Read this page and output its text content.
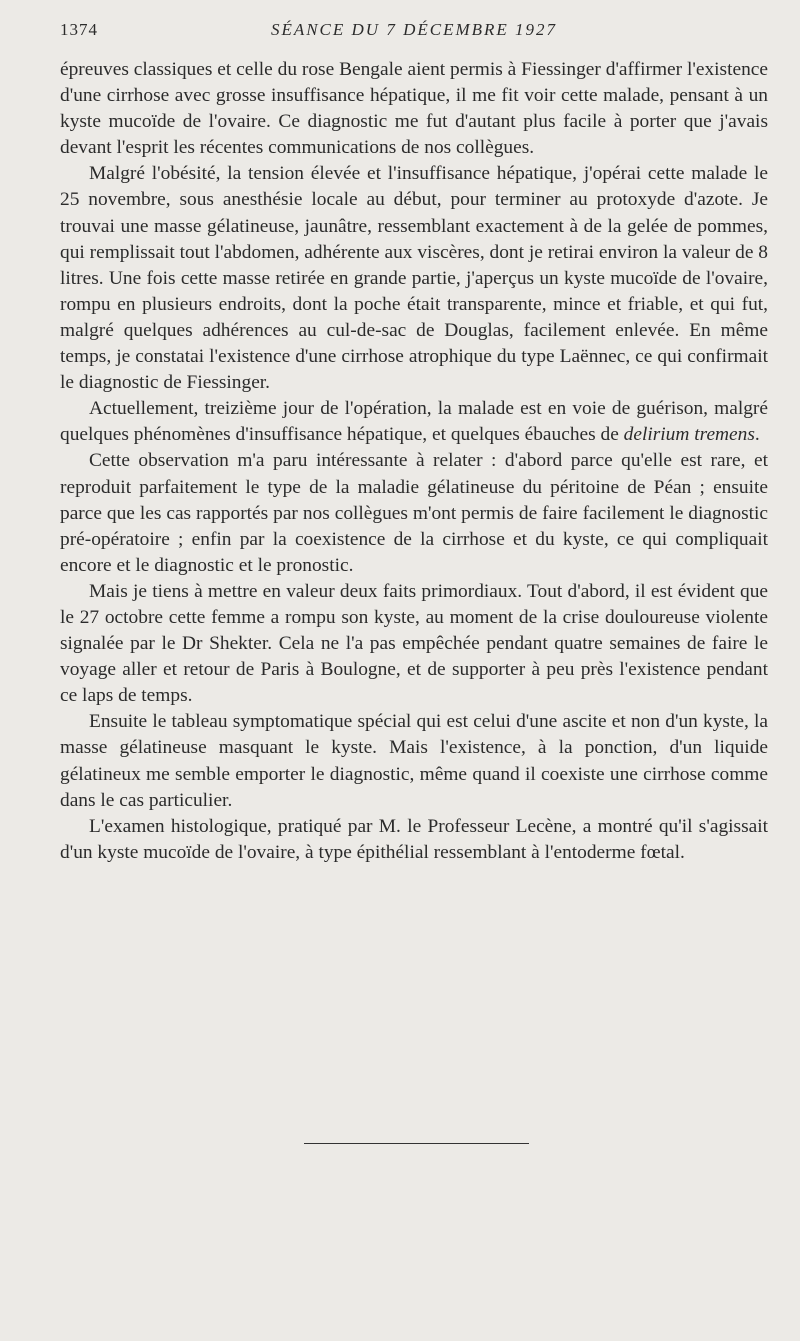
1374	SÉANCE DU 7 DÉCEMBRE 1927

épreuves classiques et celle du rose Bengale aient permis à Fiessinger d'affirmer l'existence d'une cirrhose avec grosse insuffisance hépatique, il me fit voir cette malade, pensant à un kyste mucoïde de l'ovaire. Ce diagnostic me fut d'autant plus facile à porter que j'avais devant l'esprit les récentes communications de nos collègues.

Malgré l'obésité, la tension élevée et l'insuffisance hépatique, j'opérai cette malade le 25 novembre, sous anesthésie locale au début, pour terminer au protoxyde d'azote. Je trouvai une masse gélatineuse, jaunâtre, ressemblant exactement à de la gelée de pommes, qui remplissait tout l'abdomen, adhérente aux viscères, dont je retirai environ la valeur de 8 litres. Une fois cette masse retirée en grande partie, j'aperçus un kyste mucoïde de l'ovaire, rompu en plusieurs endroits, dont la poche était transparente, mince et friable, et qui fut, malgré quelques adhérences au cul-de-sac de Douglas, facilement enlevée. En même temps, je constatai l'existence d'une cirrhose atrophique du type Laënnec, ce qui confirmait le diagnostic de Fiessinger.

Actuellement, treizième jour de l'opération, la malade est en voie de guérison, malgré quelques phénomènes d'insuffisance hépatique, et quelques ébauches de delirium tremens.

Cette observation m'a paru intéressante à relater : d'abord parce qu'elle est rare, et reproduit parfaitement le type de la maladie gélatineuse du péritoine de Péan ; ensuite parce que les cas rapportés par nos collègues m'ont permis de faire facilement le diagnostic pré-opératoire ; enfin par la coexistence de la cirrhose et du kyste, ce qui compliquait encore et le diagnostic et le pronostic.

Mais je tiens à mettre en valeur deux faits primordiaux. Tout d'abord, il est évident que le 27 octobre cette femme a rompu son kyste, au moment de la crise douloureuse violente signalée par le Dr Shekter. Cela ne l'a pas empêchée pendant quatre semaines de faire le voyage aller et retour de Paris à Boulogne, et de supporter à peu près l'existence pendant ce laps de temps.

Ensuite le tableau symptomatique spécial qui est celui d'une ascite et non d'un kyste, la masse gélatineuse masquant le kyste. Mais l'existence, à la ponction, d'un liquide gélatineux me semble emporter le diagnostic, même quand il coexiste une cirrhose comme dans le cas particulier.

L'examen histologique, pratiqué par M. le Professeur Lecène, a montré qu'il s'agissait d'un kyste mucoïde de l'ovaire, à type épithélial ressemblant à l'entoderme fœtal.
